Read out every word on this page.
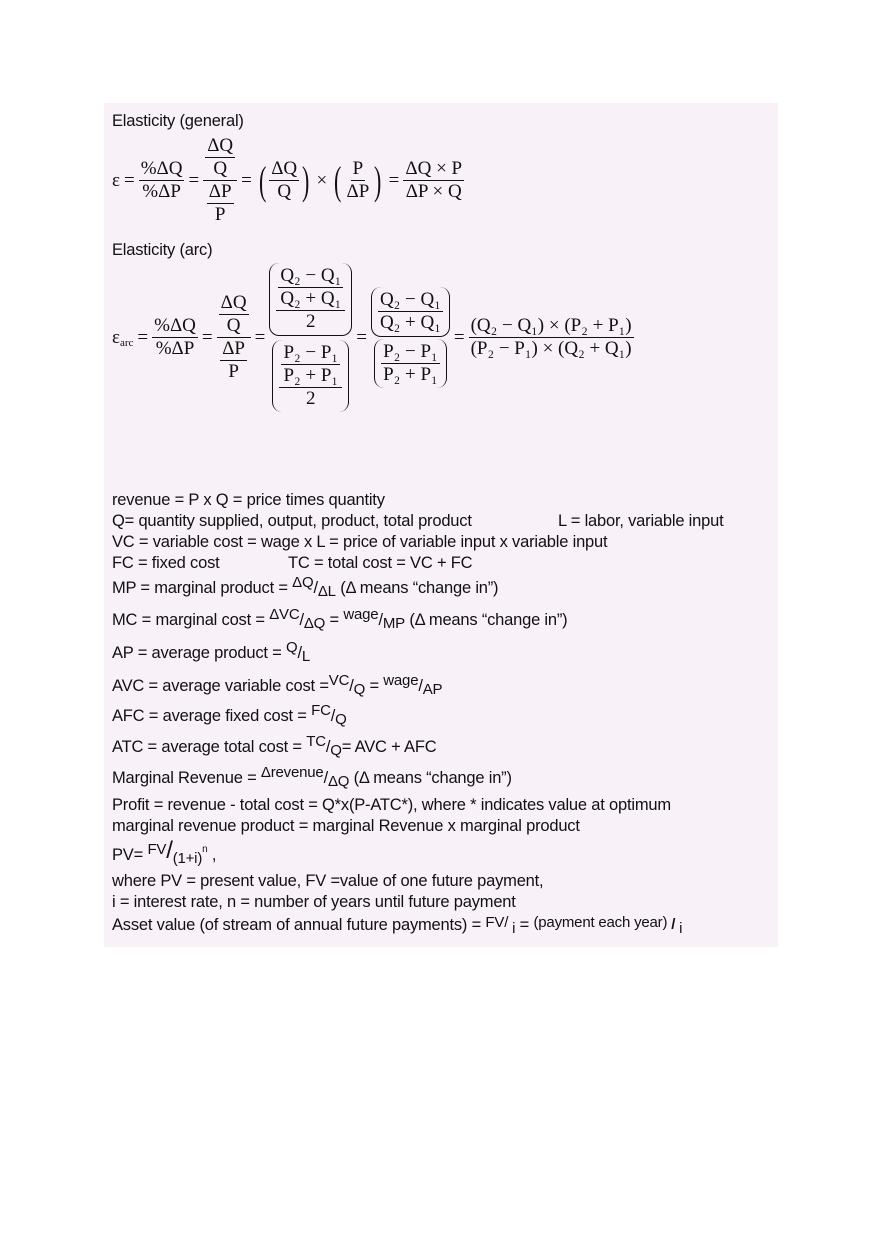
Elasticity (general)
$\varepsilon = \frac{\%\Delta Q}{\%\Delta P} = \frac{\frac{\Delta Q}{Q}}{\frac{\Delta P}{P}}$ = ( $\frac{\Delta Q}{Q}$ ) × ( $\frac{P}{\Delta P}$ ) = $\frac{\Delta Q \times P}{\Delta P \times Q}$
Elasticity (arc)
$\varepsilon_{arc} = \frac{\%\Delta Q}{\%\Delta P} = \frac{\frac{\Delta Q}{Q}}{\frac{\Delta P}{P}} = \frac{\frac{\frac{\text{Q₂ − Q₁}}{\text{Q₂ + Q₁}}}{2}}{\frac{\frac{\text{P₂ − P₁}}{\text{P₂ + P₁}}}{2}} = \frac{\frac{\text{Q₂ − Q₁}}{\text{Q₂ + Q₁}}}{\frac{\text{P₂ − P₁}}{\text{P₂ + P₁}}} = \frac{\text{(Q₂ − Q₁) × (P₂ + P₁)}}{\text{(P₂ − P₁) × (Q₂ + Q₁)}}$
revenue = P x Q = price times quantity
Q= quantity supplied, output, product, total product	L = labor, variable input
VC = variable cost = wage x L = price of variable input x variable input
FC = fixed cost	TC = total cost = VC + FC
MP = marginal product = ΔQ/ΔL (Δ means “change in”)
MC = marginal cost = ΔVC/ΔQ = wage/MP (Δ means “change in”)
AP = average product = Q/L
AVC = average variable cost =VC/Q = wage/AP
AFC = average fixed cost = FC/Q
ATC = average total cost = TC/Q= AVC + AFC
Marginal Revenue = Δrevenue/ΔQ (Δ means “change in”)
Profit = revenue - total cost = Q*x(P-ATC*), where * indicates value at optimum
marginal revenue product = marginal Revenue x marginal product
$PV= FV/(1+i)^n$ ,
where PV = present value, FV =value of one future payment,
i = interest rate, n = number of years until future payment
Asset value (of stream of annual future payments) = FV/ i = (payment each year) / i
